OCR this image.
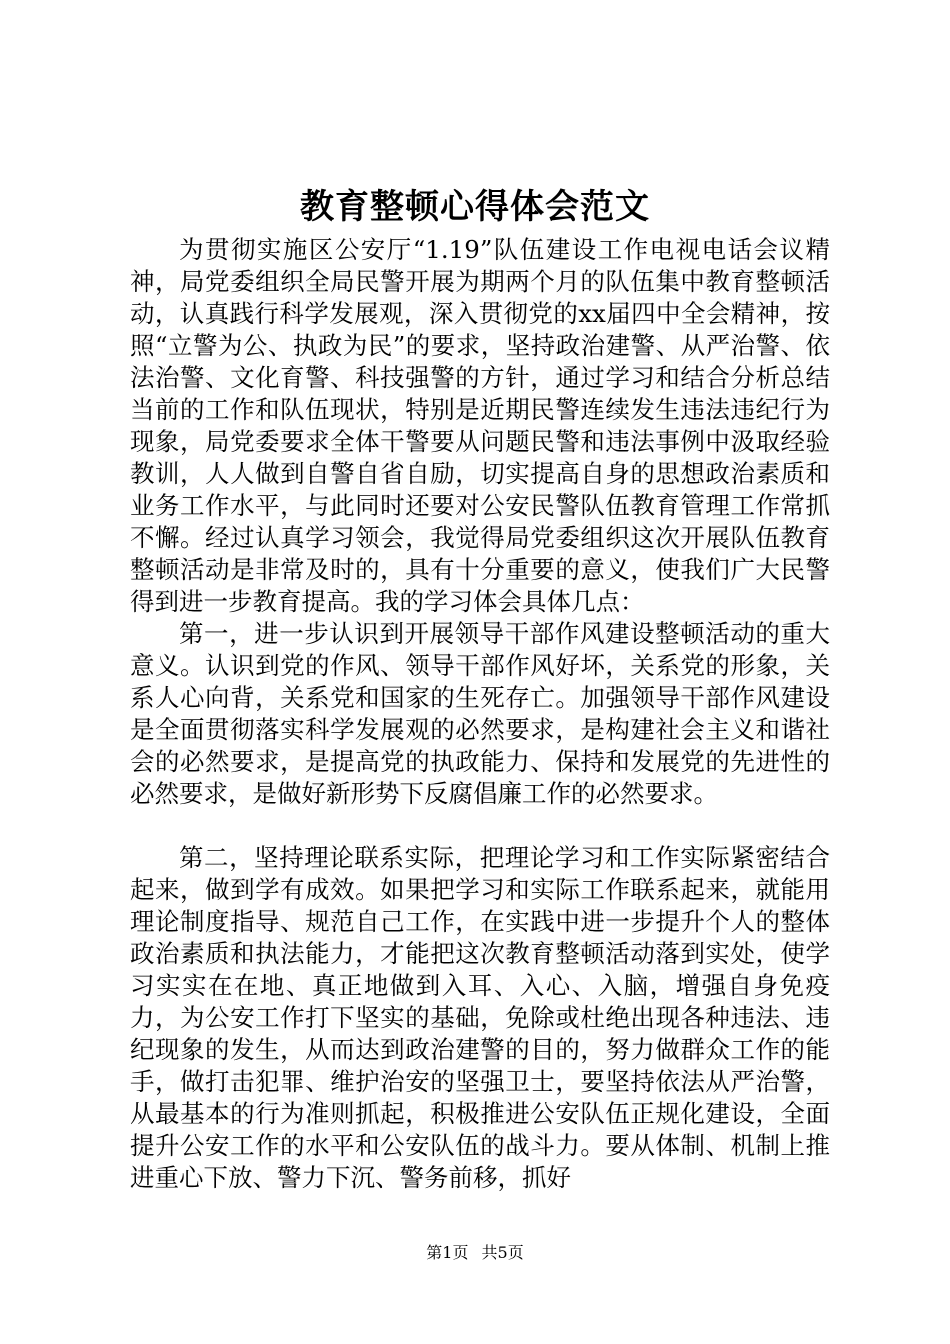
教育整顿心得体会范文

为贯彻实施区公安厅“1.19”队伍建设工作电视电话会议精神，局党委组织全局民警开展为期两个月的队伍集中教育整顿活动，认真践行科学发展观，深入贯彻党的xx届四中全会精神，按照“立警为公、执政为民”的要求，坚持政治建警、从严治警、依法治警、文化育警、科技强警的方针，通过学习和结合分析总结当前的工作和队伍现状，特别是近期民警连续发生违法违纪行为现象，局党委要求全体干警要从问题民警和违法事例中汲取经验教训，人人做到自警自省自励，切实提高自身的思想政治素质和业务工作水平，与此同时还要对公安民警队伍教育管理工作常抓不懈。经过认真学习领会，我觉得局党委组织这次开展队伍教育整顿活动是非常及时的，具有十分重要的意义，使我们广大民警得到进一步教育提高。我的学习体会具体几点：

第一，进一步认识到开展领导干部作风建设整顿活动的重大意义。认识到党的作风、领导干部作风好坏，关系党的形象，关系人心向背，关系党和国家的生死存亡。加强领导干部作风建设是全面贯彻落实科学发展观的必然要求，是构建社会主义和谐社会的必然要求，是提高党的执政能力、保持和发展党的先进性的必然要求，是做好新形势下反腐倡廉工作的必然要求。

第二，坚持理论联系实际，把理论学习和工作实际紧密结合起来，做到学有成效。如果把学习和实际工作联系起来，就能用理论制度指导、规范自己工作，在实践中进一步提升个人的整体政治素质和执法能力，才能把这次教育整顿活动落到实处，使学习实实在在地、真正地做到入耳、入心、入脑，增强自身免疫力，为公安工作打下坚实的基础，免除或杜绝出现各种违法、违纪现象的发生，从而达到政治建警的目的，努力做群众工作的能手，做打击犯罪、维护治安的坚强卫士，要坚持依法从严治警，从最基本的行为准则抓起，积极推进公安队伍正规化建设，全面提升公安工作的水平和公安队伍的战斗力。要从体制、机制上推进重心下放、警力下沉、警务前移，抓好

第1页 共5页
